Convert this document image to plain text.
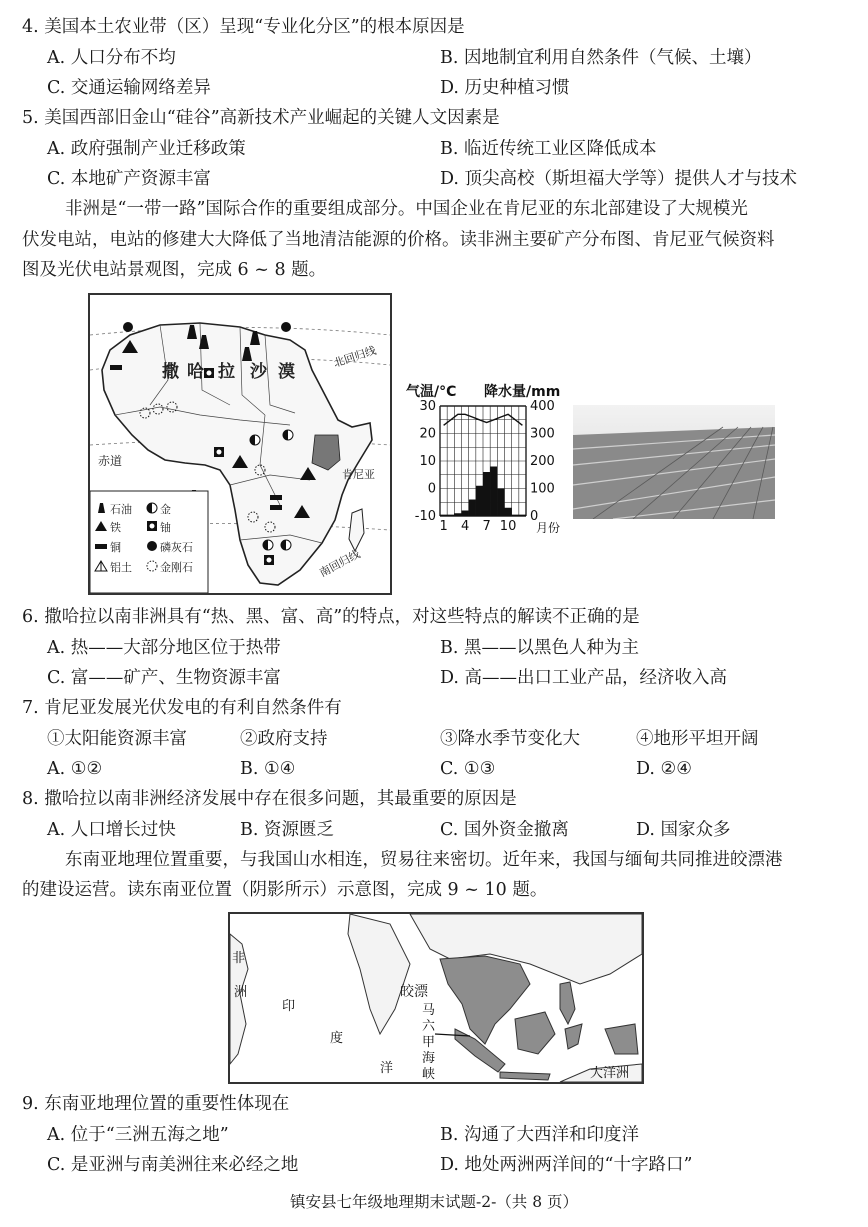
4. 美国本土农业带（区）呈现“专业化分区”的根本原因是
A. 人口分布不均	B. 因地制宜利用自然条件（气候、土壤）
C. 交通运输网络差异	D. 历史种植习惯
5. 美国西部旧金山“硅谷”高新技术产业崛起的关键人文因素是
A. 政府强制产业迁移政策	B. 临近传统工业区降低成本
C. 本地矿产资源丰富	D. 顶尖高校（斯坦福大学等）提供人才与技术
非洲是“一带一路”国际合作的重要组成部分。中国企业在肯尼亚的东北部建设了大规模光
伏发电站，电站的修建大大降低了当地清洁能源的价格。读非洲主要矿产分布图、肯尼亚气候资料
图及光伏电站景观图，完成 6 ~ 8 题。
撒 哈 拉 沙 漠
北回归线
赤道
肯尼亚
南回归线
石油	金
铁	铀
铜	磷灰石
铝土	金刚石
气温/°C 降水量/mm
30
20
10
0
-10
400
300
200
100
0
1 4 7 10 月份
6. 撒哈拉以南非洲具有“热、黑、富、高”的特点，对这些特点的解读不正确的是
A. 热——大部分地区位于热带	B. 黑——以黑色人种为主
C. 富——矿产、生物资源丰富	D. 高——出口工业产品，经济收入高
7. 肯尼亚发展光伏发电的有利自然条件有
①太阳能资源丰富	②政府支持	③降水季节变化大	④地形平坦开阔
A. ①②	B. ①④	C. ①③	D. ②④
8. 撒哈拉以南非洲经济发展中存在很多问题，其最重要的原因是
A. 人口增长过快	B. 资源匮乏	C. 国外资金撤离	D. 国家众多
东南亚地理位置重要，与我国山水相连，贸易往来密切。近年来，我国与缅甸共同推进皎漂港
的建设运营。读东南亚位置（阴影所示）示意图，完成 9 ~ 10 题。
非
洲
印
度
洋
皎漂
马
六
甲
海
峡	大洋洲
9. 东南亚地理位置的重要性体现在
A. 位于“三洲五海之地”	B. 沟通了大西洋和印度洋
C. 是亚洲与南美洲往来必经之地	D. 地处两洲两洋间的“十字路口”
镇安县七年级地理期末试题-2-（共 8 页）
